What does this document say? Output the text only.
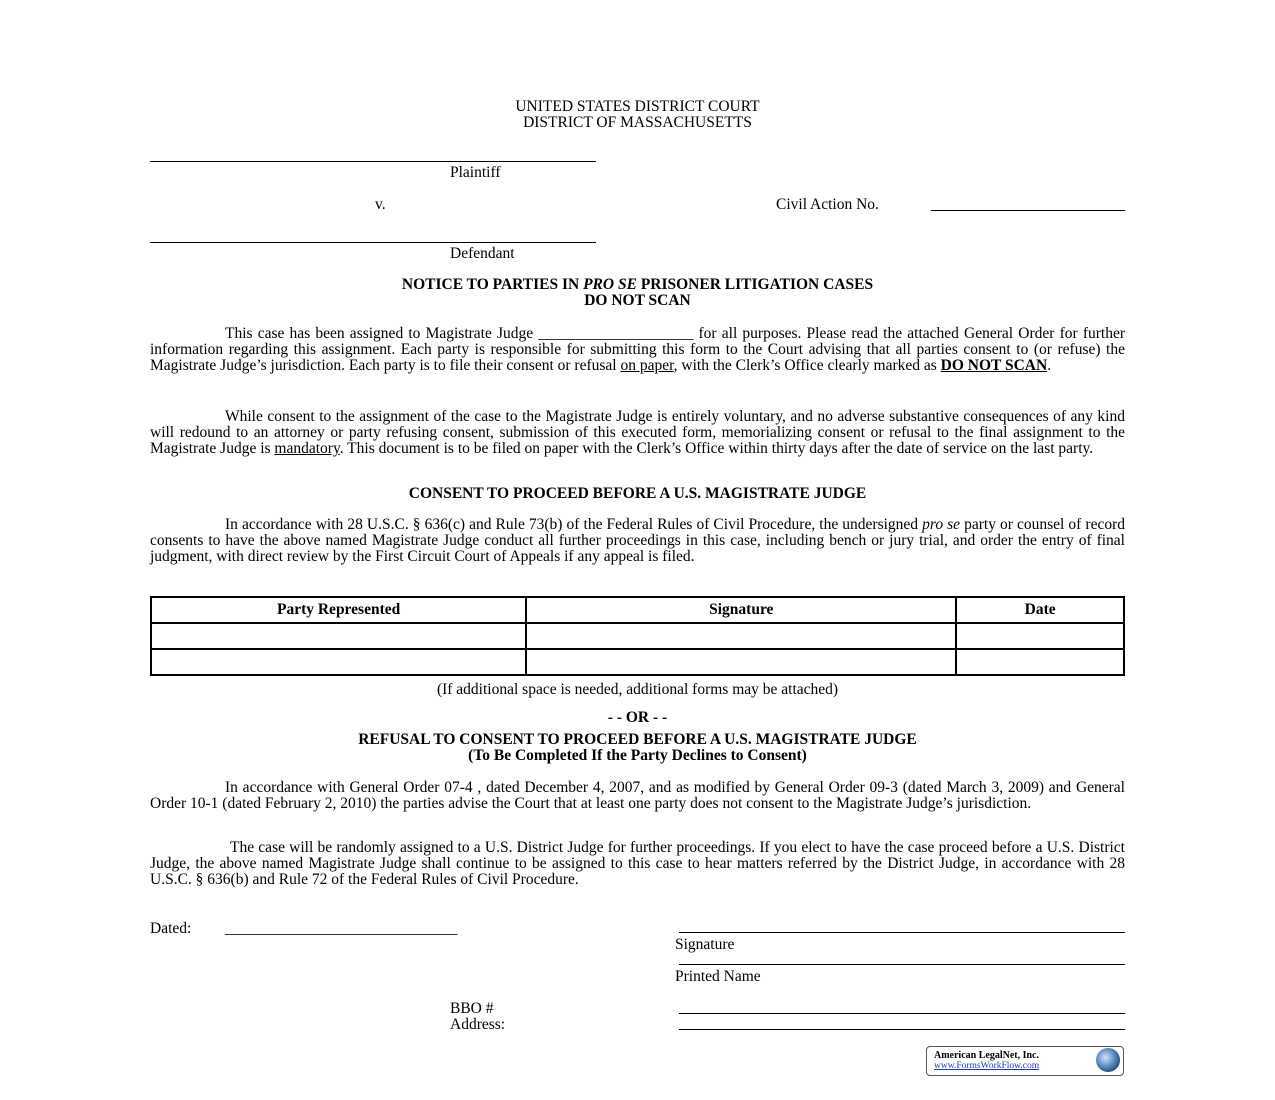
UNITED STATES DISTRICT COURT
DISTRICT OF MASSACHUSETTS
Plaintiff
v.	Civil Action No.
Defendant
NOTICE TO PARTIES IN PRO SE PRISONER LITIGATION CASES
DO NOT SCAN
This case has been assigned to Magistrate Judge ____________________ for all purposes. Please read the attached General Order for further information regarding this assignment. Each party is responsible for submitting this form to the Court advising that all parties consent to (or refuse) the Magistrate Judge’s jurisdiction. Each party is to file their consent or refusal on paper, with the Clerk’s Office clearly marked as DO NOT SCAN.
While consent to the assignment of the case to the Magistrate Judge is entirely voluntary, and no adverse substantive consequences of any kind will redound to an attorney or party refusing consent, submission of this executed form, memorializing consent or refusal to the final assignment to the Magistrate Judge is mandatory. This document is to be filed on paper with the Clerk’s Office within thirty days after the date of service on the last party.
CONSENT TO PROCEED BEFORE A U.S. MAGISTRATE JUDGE
In accordance with 28 U.S.C. § 636(c) and Rule 73(b) of the Federal Rules of Civil Procedure, the undersigned pro se party or counsel of record consents to have the above named Magistrate Judge conduct all further proceedings in this case, including bench or jury trial, and order the entry of final judgment, with direct review by the First Circuit Court of Appeals if any appeal is filed.
Party Represented	Signature	Date

(If additional space is needed, additional forms may be attached)
- - OR - -
REFUSAL TO CONSENT TO PROCEED BEFORE A U.S. MAGISTRATE JUDGE
(To Be Completed If the Party Declines to Consent)
In accordance with General Order 07-4 , dated December 4, 2007, and as modified by General Order 09-3 (dated March 3, 2009) and General Order 10-1 (dated February 2, 2010) the parties advise the Court that at least one party does not consent to the Magistrate Judge’s jurisdiction.
The case will be randomly assigned to a U.S. District Judge for further proceedings. If you elect to have the case proceed before a U.S. District Judge, the above named Magistrate Judge shall continue to be assigned to this case to hear matters referred by the District Judge, in accordance with 28 U.S.C. § 636(b) and Rule 72 of the Federal Rules of Civil Procedure.
Dated: ______________________________
Signature
Printed Name
BBO #
Address:
American LegalNet, Inc.
www.FormsWorkFlow.com
